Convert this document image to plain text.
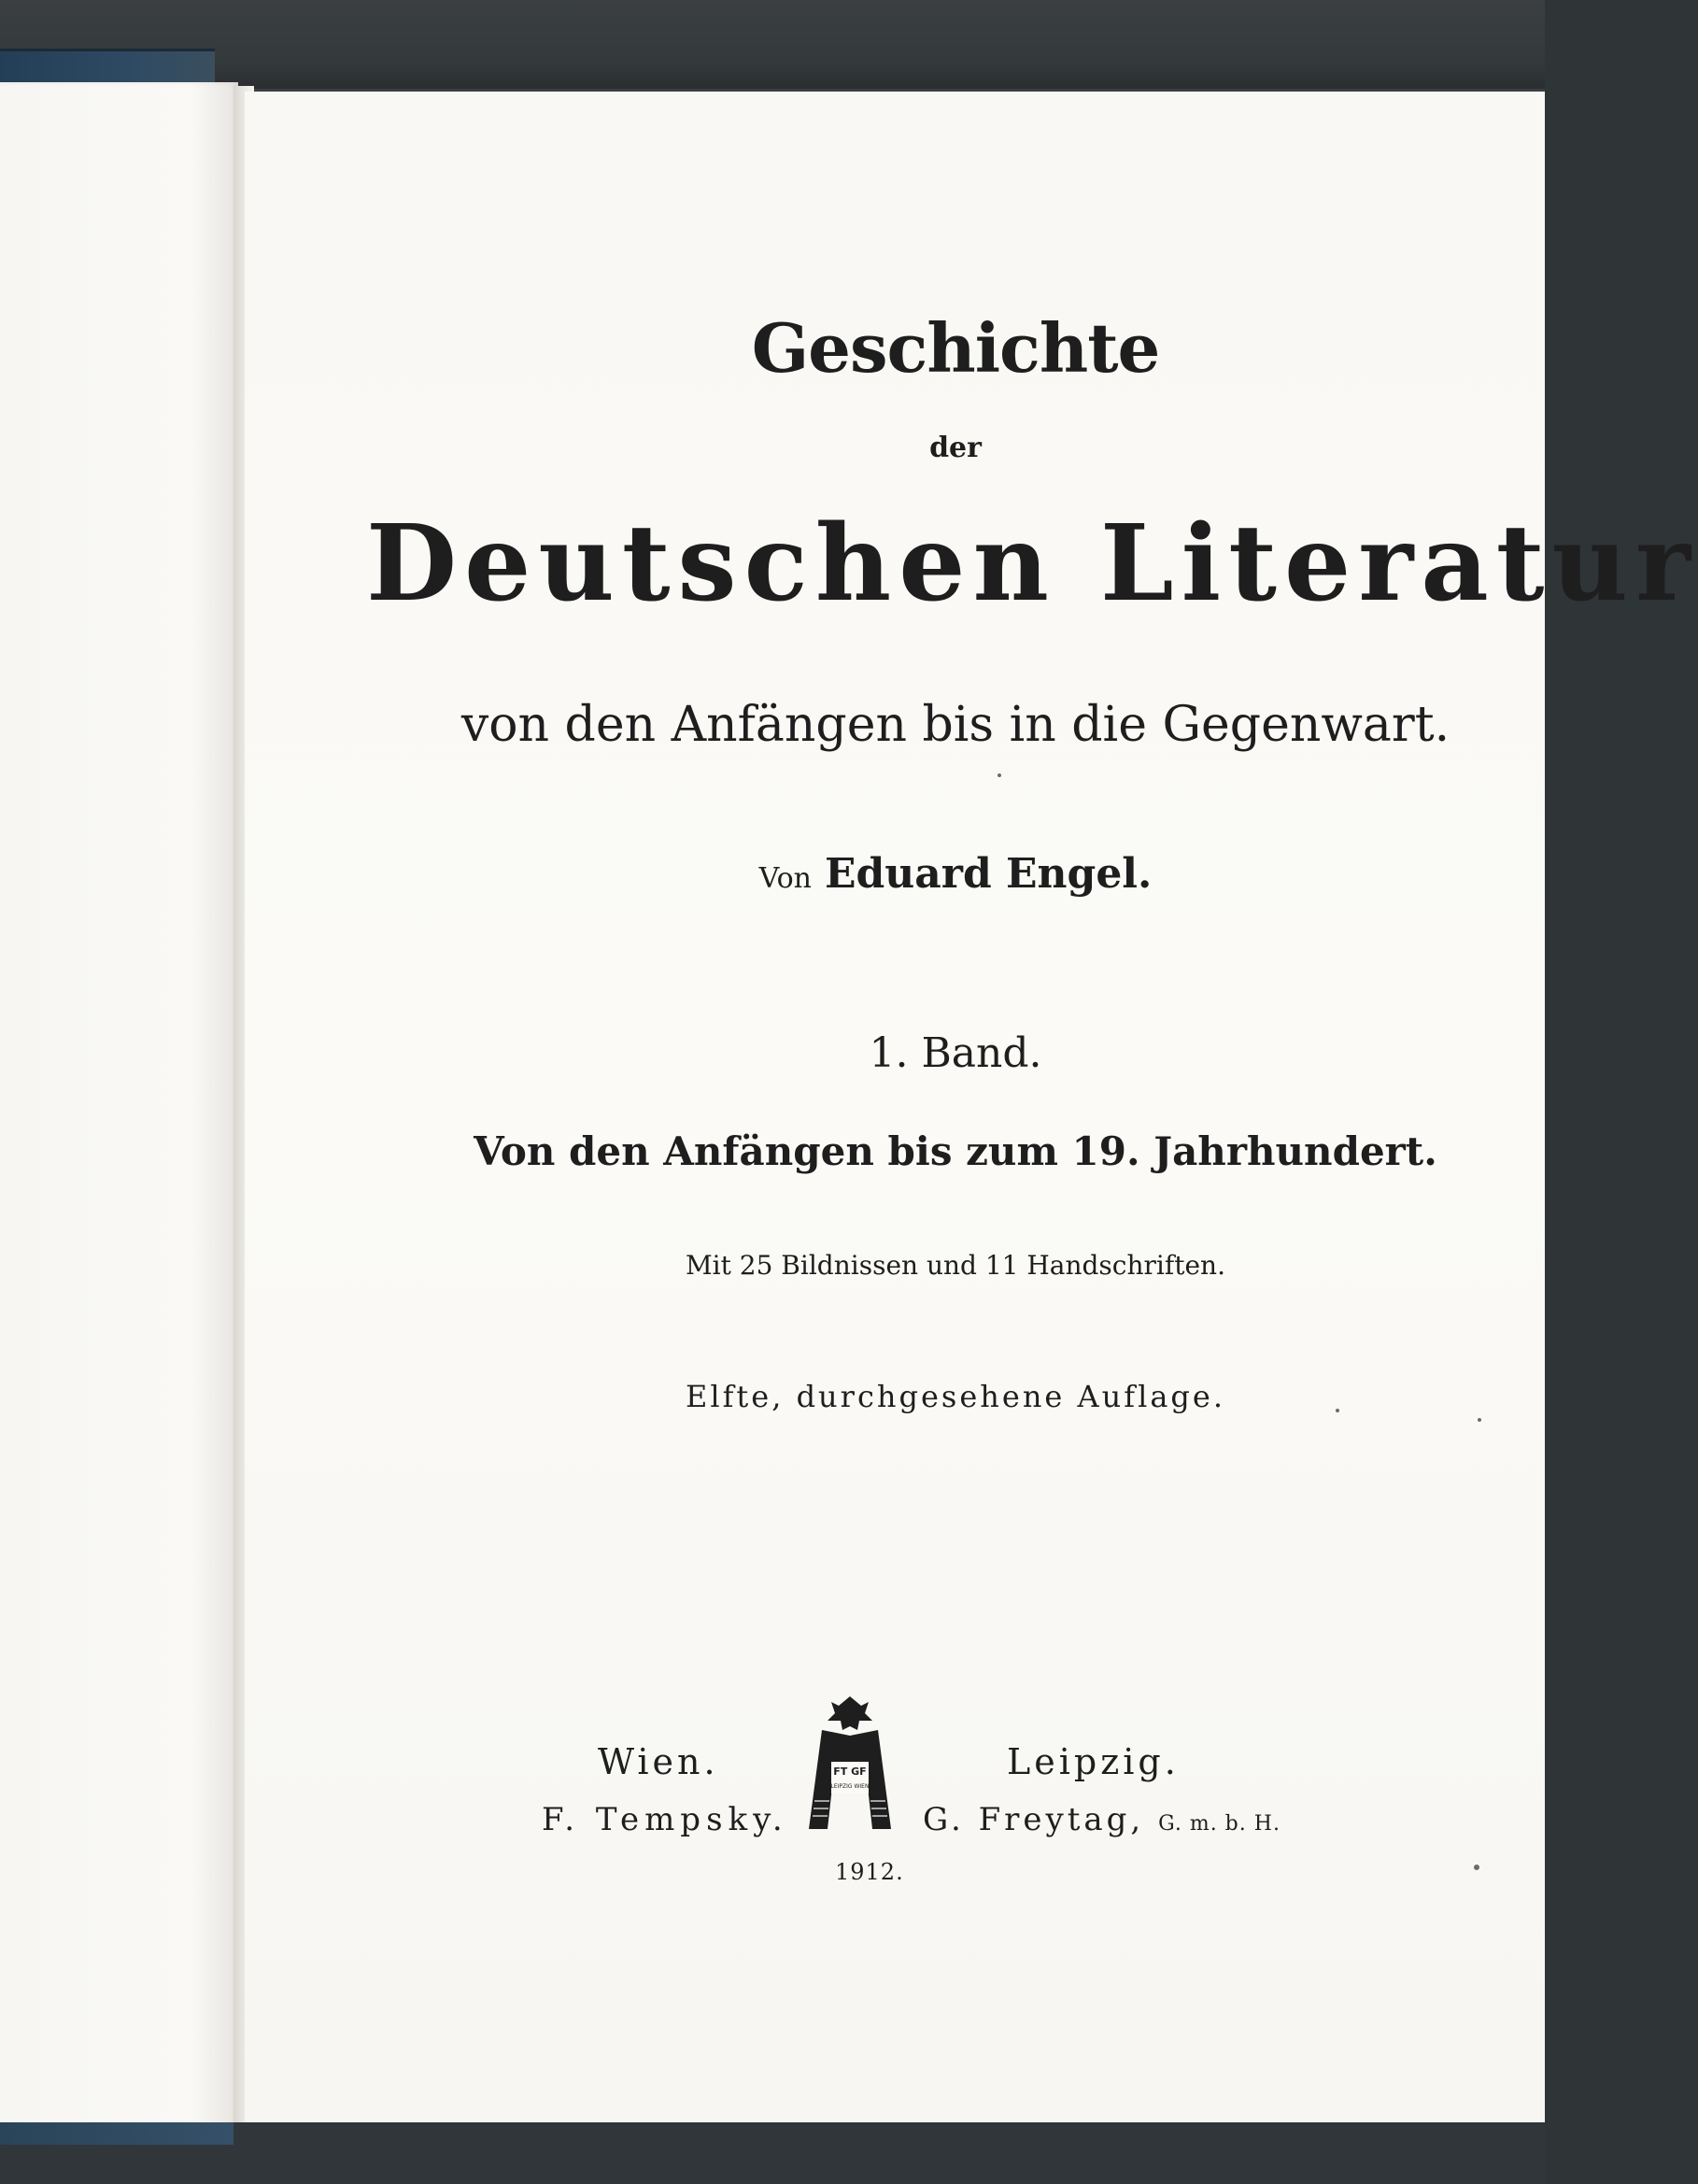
Geschichte
der
Deutschen Literatur
von den Anfängen bis in die Gegenwart.
Von Eduard Engel.
1. Band.
Von den Anfängen bis zum 19. Jahrhundert.
Mit 25 Bildnissen und 11 Handschriften.
Elfte, durchgesehene Auflage.
Wien.	Leipzig.
F. Tempsky.	G. Freytag, G. m. b. H.
1912.
FT GF
LEIPZIG WIEN
